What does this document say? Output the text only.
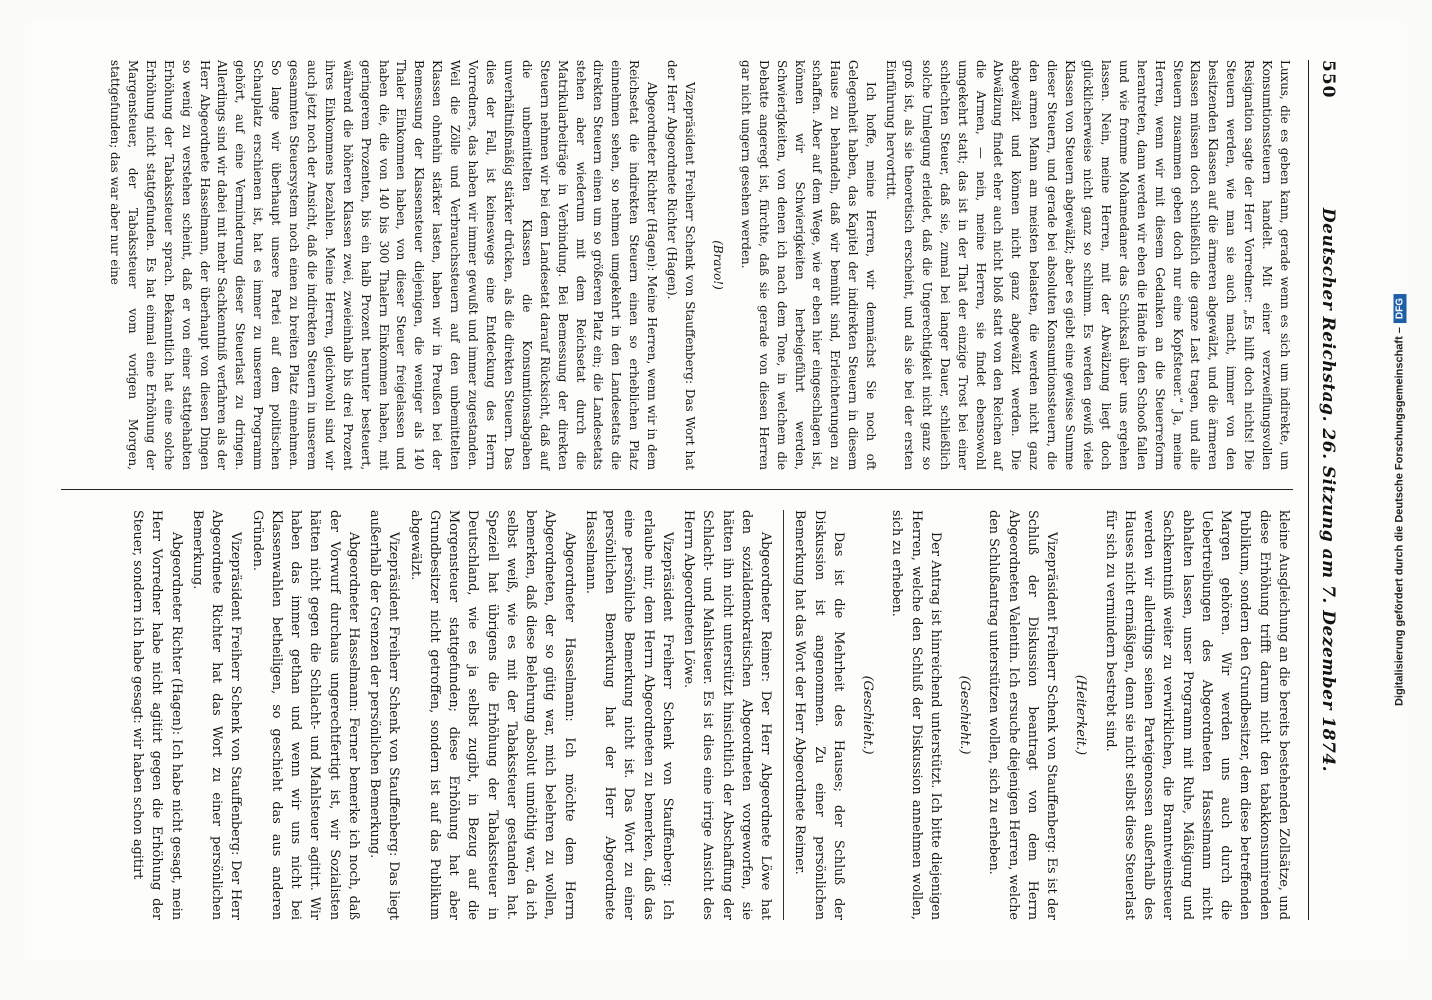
550
Deutscher Reichstag. 26. Sitzung am 7. Dezember 1874.

Luxus, die es geben kann, gerade wenn es sich um indirekte, um Konsumtionssteuern handelt. Mit einer verzweiflungsvollen Resignation sagte der Herr Vorredner: „Es hilft doch nichts! Die Steuern werden, wie man sie auch macht, immer von den besitzenden Klassen auf die ärmeren abgewälzt, und die ärmeren Klassen müssen doch schließlich die ganze Last tragen, und alle Steuern zusammen geben doch nur eine Kopfsteuer.“ Ja, meine Herren, wenn wir mit diesem Gedanken an die Steuerreform herantreten, dann werden wir eben die Hände in den Schooß fallen und wie fromme Mohamedaner das Schicksal über uns ergehen lassen. Nein, meine Herren, mit der Abwälzung liegt doch glücklicherweise nicht ganz so schlimm. Es werden gewiß viele Klassen von Steuern abgewälzt; aber es giebt eine gewisse Summe dieser Steuern, und gerade bei absoluten Konsumtionssteuern, die den armen Mann am meisten belasten, die werden nicht ganz abgewälzt und können nicht ganz abgewälzt werden. Die Abwälzung findet eher auch nicht bloß statt von den Reichen auf die Armen, — nein, meine Herren, sie findet ebensowohl umgekehrt statt; das ist in der That der einzige Trost bei einer schlechten Steuer, daß sie, zumal bei langer Dauer, schließlich solche Umlegung erleidet, daß die Ungerechtigkeit nicht ganz so groß ist, als sie theoretisch erscheint, und als sie bei der ersten Einführung hervortritt.

Ich hoffe, meine Herren, wir demnächst Sie noch oft Gelegenheit haben, das Kapitel der indirekten Steuern in diesem Hause zu behandeln, daß wir bemüht sind, Erleichterungen zu schaffen. Aber auf dem Wege, wie er eben hier eingeschlagen ist, können wir Schwierigkeiten herbeigeführt werden, Schwierigkeiten, von denen ich nach dem Tone, in welchem die Debatte angeregt ist, fürchte, daß sie gerade von diesen Herren gar nicht ungern gesehen werden.

(Bravo!)

Vizepräsident Freiherr Schenk von Stauffenberg: Das Wort hat der Herr Abgeordnete Richter (Hagen).

Abgeordneter Richter (Hagen): Meine Herren, wenn wir in dem Reichsetat die indirekten Steuern einen so erheblichen Platz einnehmen sehen, so nehmen umgekehrt in den Landesetats die direkten Steuern einen um so größeren Platz ein; die Landesetats stehen aber wiederum mit dem Reichsetat durch die Matrikularbeiträge in Verbindung. Bei Bemessung der direkten Steuern nehmen wir bei dem Landesetat darauf Rücksicht, daß auf die unbemittelten Klassen die Konsumtionsabgaben unverhältnißmäßig stärker drücken, als die direkten Steuern. Das dies der Fall, ist keineswegs eine Entdeckung des Herrn Vorredners, das haben wir immer gewußt und immer zugestanden. Weil die Zölle und Verbrauchssteuern auf den unbemittelten Klassen ohnehin stärker lasten, haben wir in Preußen bei der Bemessung der Klassensteuer diejenigen, die weniger als 140 Thaler Einkommen haben, von dieser Steuer freigelassen und haben die, die von 140 bis 300 Thalern Einkommen haben, mit geringerem Prozenten, bis ein halb Prozent herunter besteuert, während die höheren Klassen zwei, zweieinhalb bis drei Prozent ihres Einkommens bezahlen. Meine Herren, gleichwohl sind wir auch jetzt noch der Ansicht, daß die indirekten Steuern in unserem gesammten Steuersystem noch einen zu breiten Platz einnehmen. So lange wir überhaupt unsere Partei auf dem politischen Schauplatz erschienen ist, hat es immer zu unserem Programm gehört, auf eine Verminderung dieser Steuerlast zu dringen. Allerdings sind wir dabei mit mehr Sachkenntniß verfahren als der Herr Abgeordnete Hasselmann, der überhaupt von diesen Dingen so wenig zu verstehen scheint, daß er von einer stattgehabten Erhöhung der Tabakssteuer sprach. Bekanntlich hat eine solche Erhöhung nicht stattgefunden. Es hat einmal eine Erhöhung der Margensteuer, der Tabakssteuer vom vorigen Morgen, stattgefunden; das war aber nur eine

kleine Ausgleichung an die bereits bestehenden Zollsätze, und diese Erhöhung trifft darum nicht den tabakkonsumirenden Publikum, sondern den Grundbesitzer, dem diese betreffenden Margen gehören. Wir werden uns auch durch die Uebertreibungen des Abgeordneten Hasselmann nicht abhalten lassen, unser Programm mit Ruhe, Mäßigung und Sachkenntniß weiter zu verwirklichen, die Branntweinsteuer werden wir allerdings seinen Parteigenossen außerhalb des Hauses nicht ermäßigen, denn sie nicht selbst diese Steuerlast für sich zu vermindern bestrebt sind.

(Heiterkeit.)

Vizepräsident Freiherr Schenk von Stauffenberg: Es ist der Schluß der Diskussion beantragt von dem Herrn Abgeordneten Valentin. Ich ersuche diejenigen Herren, welche den Schlußantrag unterstützen wollen, sich zu erheben.

(Geschieht.)

Der Antrag ist hinreichend unterstützt. Ich bitte diejenigen Herren, welche den Schluß der Diskussion annehmen wollen, sich zu erheben.

(Geschieht.)

Das ist die Mehrheit des Hauses; der Schluß der Diskussion ist angenommen. Zu einer persönlichen Bemerkung hat das Wort der Herr Abgeordnete Reimer.

Abgeordneter Reimer: Der Herr Abgeordnete Löwe hat den sozialdemokratischen Abgeordneten vorgeworfen, sie hätten ihn nicht unterstützt hinsichtlich der Abschaffung der Schlacht- und Mahlsteuer. Es ist dies eine irrige Ansicht des Herrn Abgeordneten Löwe.

Vizepräsident Freiherr Schenk von Stauffenberg: Ich erlaube mir, dem Herrn Abgeordneten zu bemerken, daß das eine persönliche Bemerkung nicht ist. Das Wort zu einer persönlichen Bemerkung hat der Herr Abgeordnete Hasselmann.

Abgeordneter Hasselmann: Ich möchte dem Herrn Abgeordneten, der so gütig war, mich belehren zu wollen, bemerken, daß diese Belehrung absolut unnöthig war, da ich selbst weiß, wie es mit der Tabakssteuer gestanden hat. Speziell hat übrigens die Erhöhung der Tabakssteuer in Deutschland, wie es ja selbst zugibt, in Bezug auf die Morgensteuer stattgefunden; diese Erhöhung hat aber Grundbesitzer nicht getroffen, sondern ist auf das Publikum abgewälzt.

Vizepräsident Freiherr Schenk von Stauffenberg: Das liegt außerhalb der Grenzen der persönlichen Bemerkung.

Abgeordneter Hasselmann: Ferner bemerke ich noch, daß der Vorwurf durchaus ungerechtfertigt ist, wir Sozialisten hätten nicht gegen die Schlacht- und Mahlsteuer agitirt. Wir haben das immer gethan und wenn wir uns nicht bei Klassenwahlen betheiligen, so geschieht das aus anderen Gründen.

Vizepräsident Freiherr Schenk von Stauffenberg: Der Herr Abgeordnete Richter hat das Wort zu einer persönlichen Bemerkung.

Abgeordneter Richter (Hagen): Ich habe nicht gesagt, mein Herr Vorredner habe nicht agitirt gegen die Erhöhung der Steuer, sondern ich habe gesagt: wir haben schon agitirt	Digitalisierung gefördert durch die Deutsche Forschungsgemeinschaft –DFG
